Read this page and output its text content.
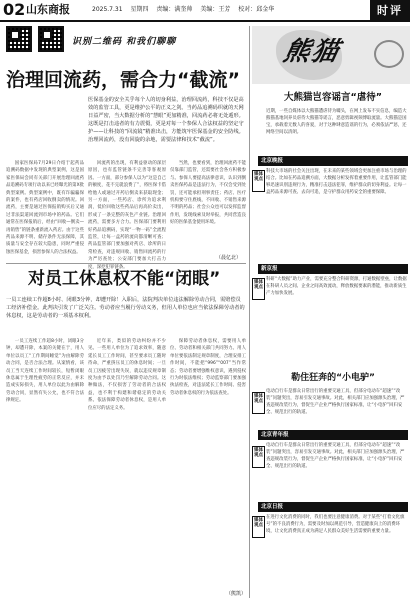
02 山东商报	2025.7.31 星期四 责编：满奎帅 美编：王芳 校对：邱金华	时评
识别二维码 和我们聊聊
治理回流药，需合力“截流”
医保基金的安全关乎每个人的切身利益，治理回流药，科技不仅是高效的监管工具，更是维护公平的正义之剑。当药品追溯码织就的天网日益严密，当大数据分析的“慧眼”更加精准，回流药必将无处遁形。这既是打击违者的有力震慑，更是对每一个参保人合法权益的坚定守护——让科技的“回流镜”精准出击，方能筑牢医保基金的安全防线。治理回流药，没有回旋的余地，需要法律和技术“截流”。

国家医保局7月29日介绍于起药品追溯码数据中发现的典型案例，这是国家医保局会同有关部门开展治理回流药品追溯码专项行动以来已经曝光的第X批典型案例。典型案例中，既有诈骗骗保的案件，也有药店回收倒卖的情况。回流药，主要是通过医保报销购买后又通过非法渠道回流到市场中的药品。它们通常在医保报销后，经由“回收—倒卖—再销售”的链条重新流入药店。由于这些药品来源不明、储存条件无法保障，其质量与安全存在较大隐患，同时严重侵蚀医保基金，损害参保人的合法权益。

回流药的出现，有利益驱动的深层原因，也有监管链条不完善等客观原因。一方面，部分参保人以为“这是自己的额度，花不完就浪费了”，将医保卡借给他人或通过开药后倒卖来获取现金；另一方面，一些药店、诊所为追求利润，低价回收这些药品后再高价卖出，形成了一条完整的灰色产业链。治理回流药，需要多方合力。医保部门要利用好药品追溯码，实现“一物一码”全流程监管，让每一盒药的流向都清晰可查；药品监管部门要加强对药店、诊所的日常检查，对违规回收、销售回流药的行为严厉查处；公安部门要加大打击力度，深挖犯罪链条。

当然，也要看到，治理回流药不能仅靠部门监管，还需要社会各方积极参与。参保人要提高法律意识，认识到倒卖医保药品是违法行为，不仅会受到处罚，还可能承担刑事责任；药店、医疗机构要守住底线，不回收、不销售来源不明的药品；社会公众也可以发挥监督作用，发现线索及时举报，共同营造良好的医保基金使用环境。

（晨亿北）
对员工休息权不能“闭眼”
一员工连续工作超8小时、闭眼3分钟，却遭开除！入职后，法院判决单位违法解除劳动合同，需赔偿员工经济补偿金。此判决引发了广泛关注。劳动者应当履行劳动义务，但用人单位也应当依法保障劳动者的休息权，这是劳动者的一项基本权利。

一员工连续工作超8小时，闭眼3分钟，却遭开除，本案的关键在于，用人单位以员工“工作期间睡觉”为由解除劳动合同，是否合法合理。从案情看，该员工当天连续工作时间较长，短暂闭眼休息属于生理性疲劳的正常反应，并未造成实际损失，用人单位以此为由解除劳动合同，显然有失公允，也不符合法律规定。

近年来，类似的劳动纠纷并不少见。一些用人单位为了追求效率，随意延长员工工作时间，甚至要求员工随时待命，严重挤压员工的休息时间；一旦员工因疲劳出现失误，就以违反规章制度为由予以处罚乃至解除劳动合同。这种做法，不仅损害了劳动者的合法权益，也不利于构建和谐稳定的劳动关系。依法保障劳动者休息权，是用人单位应尽的法定义务。

保障劳动者休息权，需要用人单位、劳动者和相关部门共同努力。用人单位要依法制定规章制度，合理安排工作时间，不能把“996”“007”当作常态；劳动者要增强维权意识，遇到侵权行为时依法维权；劳动监察部门要加强执法检查，对违法延长工作时间、侵害劳动者休息权的行为依法查处。

（熊凯）
熊猫
大熊猫岂容谣言“虐待”
近期，一些自媒体以大熊猫遭虐待为噱头，在网上发布不实信息，编造大熊猫基地饲养员虐待大熊猫等谣言，恶意剪辑视频博取流量。大熊猫是国宝，承载着无数人的喜爱，对于这种肆意造谣的行为，必须依法严惩，还网络空间以清朗。
北京晚报
媒体观点
科技大市场的社会关注出现，在未来的某些领域会更加注重市场与治理的结合。比如在药品追溯方面，大数据分析发挥着重要作用，让监管部门能够迅速识别违规行为，精准打击违法犯罪，维护群众的切身利益。让每一盒药品来源可查、去向可追，是守护群众用药安全的重要保障。
新京报
媒体观点
科研“大数据”助力产业，需要充分整合科研资源，打通数据壁垒，让数据在科研人员之间、企业之间高效流动，释放数据要素的潜能，推动新质生产力加快发展。
勒住狂奔的“小电驴”
媒体观点
电动自行车是群众日常出行的重要交通工具，但部分电动车“超速”“改装”问题突出，容易引发交通事故。对此，相关部门应加强源头治理，严查违规改装行为，督促生产企业严格执行国家标准，让“小电驴”回归安全、规范出行的轨道。
北京青年报
媒体观点
电动自行车是群众日常出行的重要交通工具，但部分电动车“超速”“改装”问题突出，容易引发交通事故。对此，相关部门应加强源头治理，严查违规改装行为，督促生产企业严格执行国家标准，让“小电驴”回归安全、规范出行的轨道。
北京日报
媒体观点
在进行文化消费的同时，我们也要注意健康消费。对于某些“打着文化旗号”的不良消费行为，需要及时加以规范引导，营造健康向上的消费环境，让文化消费真正成为满足人民群众美好生活需要的重要力量。
